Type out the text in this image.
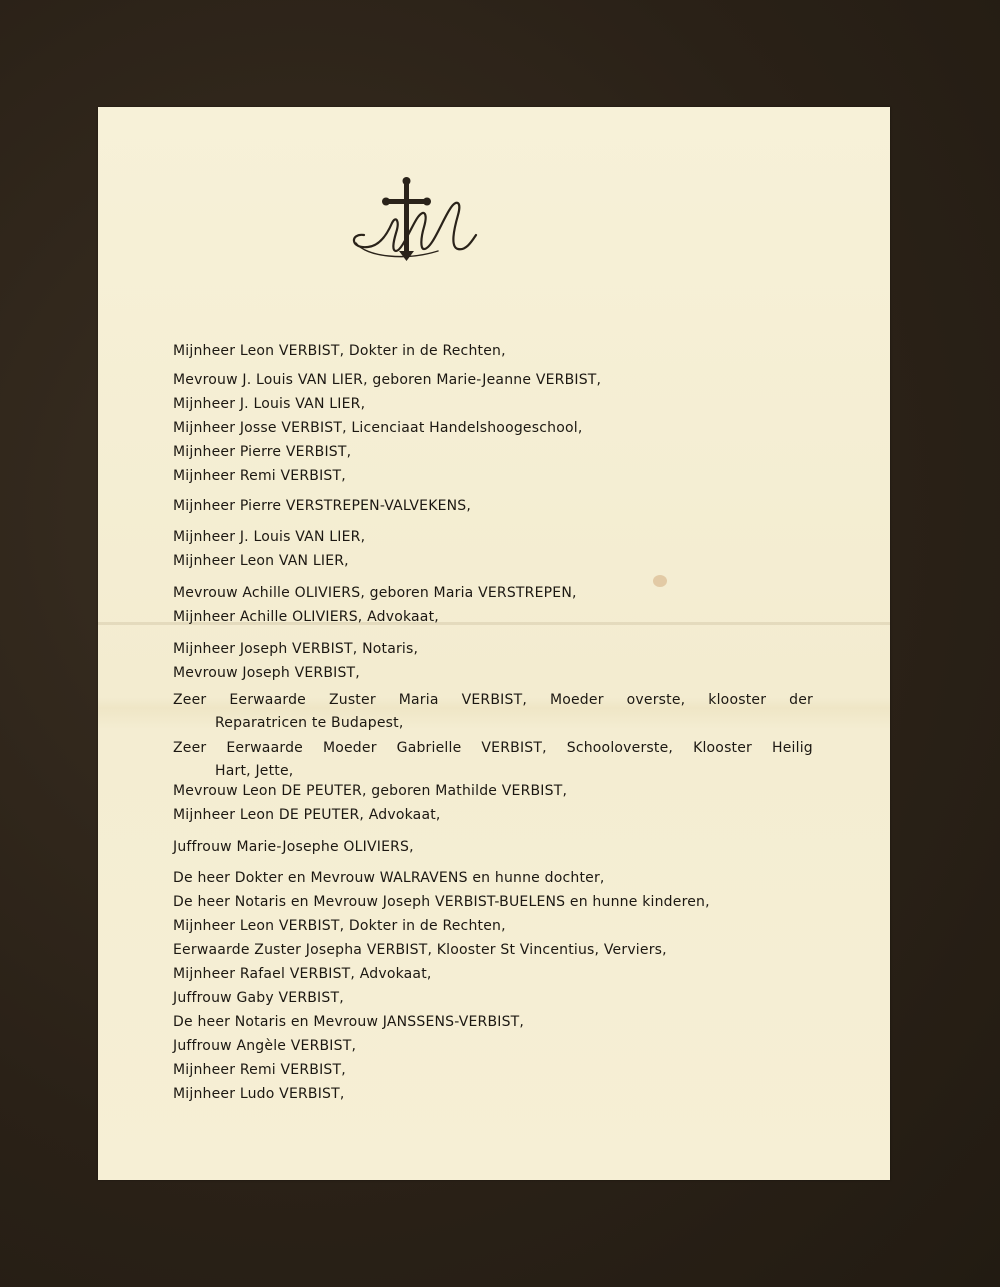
Mijnheer Leon VERBIST, Dokter in de Rechten,
Mevrouw J. Louis VAN LIER, geboren Marie-Jeanne VERBIST,
Mijnheer J. Louis VAN LIER,
Mijnheer Josse VERBIST, Licenciaat Handelshoogeschool,
Mijnheer Pierre VERBIST,
Mijnheer Remi VERBIST,
Mijnheer Pierre VERSTREPEN-VALVEKENS,
Mijnheer J. Louis VAN LIER,
Mijnheer Leon VAN LIER,
Mevrouw Achille OLIVIERS, geboren Maria VERSTREPEN,
Mijnheer Achille OLIVIERS, Advokaat,
Mijnheer Joseph VERBIST, Notaris,
Mevrouw Joseph VERBIST,
Zeer Eerwaarde Zuster Maria VERBIST, Moeder overste, klooster der
Reparatricen te Budapest,
Zeer Eerwaarde Moeder Gabrielle VERBIST, Schooloverste, Klooster Heilig
Hart, Jette,
Mevrouw Leon DE PEUTER, geboren Mathilde VERBIST,
Mijnheer Leon DE PEUTER, Advokaat,
Juffrouw Marie-Josephe OLIVIERS,
De heer Dokter en Mevrouw WALRAVENS en hunne dochter,
De heer Notaris en Mevrouw Joseph VERBIST-BUELENS en hunne kinderen,
Mijnheer Leon VERBIST, Dokter in de Rechten,
Eerwaarde Zuster Josepha VERBIST, Klooster St Vincentius, Verviers,
Mijnheer Rafael VERBIST, Advokaat,
Juffrouw Gaby VERBIST,
De heer Notaris en Mevrouw JANSSENS-VERBIST,
Juffrouw Angèle VERBIST,
Mijnheer Remi VERBIST,
Mijnheer Ludo VERBIST,
